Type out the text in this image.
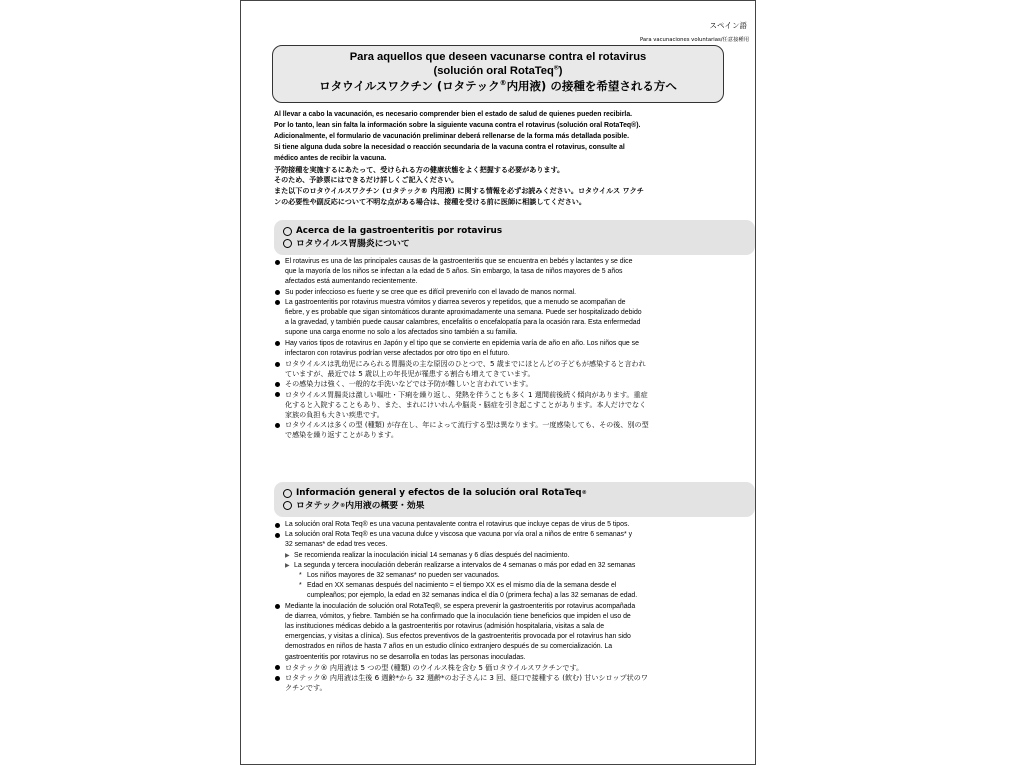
スペイン語
Para vacunaciones voluntarias/任意接種用
Para aquellos que deseen vacunarse contra el rotavirus
(solución oral RotaTeq®)
ロタウイルスワクチン (ロタテック®内用液) の接種を希望される方へ
Al llevar a cabo la vacunación, es necesario comprender bien el estado de salud de quienes pueden recibirla.
Por lo tanto, lean sin falta la información sobre la siguiente vacuna contra el rotavirus (solución oral RotaTeq®).
Adicionalmente, el formulario de vacunación preliminar deberá rellenarse de la forma más detallada posible.
Si tiene alguna duda sobre la necesidad o reacción secundaria de la vacuna contra el rotavirus, consulte al
médico antes de recibir la vacuna.
予防接種を実施するにあたって、受けられる方の健康状態をよく把握する必要があります。
そのため、予診票にはできるだけ詳しくご記入ください。
また以下のロタウイルスワクチン (ロタテック® 内用液) に関する情報を必ずお読みください。ロタウイルス ワクチ
ンの必要性や副反応について不明な点がある場合は、接種を受ける前に医師に相談してください。
Acerca de la gastroenteritis por rotavirus
ロタウイルス胃腸炎について
El rotavirus es una de las principales causas de la gastroenteritis que se encuentra en bebés y lactantes y se dice
que la mayoría de los niños se infectan a la edad de 5 años. Sin embargo, la tasa de niños mayores de 5 años
afectados está aumentando recientemente.
Su poder infeccioso es fuerte y se cree que es difícil prevenirlo con el lavado de manos normal.
La gastroenteritis por rotavirus muestra vómitos y diarrea severos y repetidos, que a menudo se acompañan de
fiebre, y es probable que sigan sintomáticos durante aproximadamente una semana. Puede ser hospitalizado debido
a la gravedad, y también puede causar calambres, encefalitis o encefalopatía para la ocasión rara. Esta enfermedad
supone una carga enorme no solo a los afectados sino también a su familia.
Hay varios tipos de rotavirus en Japón y el tipo que se convierte en epidemia varía de año en año. Los niños que se
infectaron con rotavirus podrían verse afectados por otro tipo en el futuro.
ロタウイルスは乳幼児にみられる胃腸炎の主な原因のひとつで、5 歳までにほとんどの子どもが感染すると言われ
ていますが、最近では 5 歳以上の年長児が罹患する割合も増えてきています。
その感染力は強く、一般的な手洗いなどでは予防が難しいと言われています。
ロタウイルス胃腸炎は激しい嘔吐・下痢を繰り返し、発熱を伴うことも多く 1 週間前後続く傾向があります。重症
化すると入院することもあり、また、まれにけいれんや脳炎・脳症を引き起こすことがあります。本人だけでなく
家族の負担も大きい疾患です。
ロタウイルスは多くの型 (種類) が存在し、年によって流行する型は異なります。一度感染しても、その後、別の型
で感染を繰り返すことがあります。
Información general y efectos de la solución oral RotaTeq ®
ロタテック ® 内用液の概要・効果
La solución oral Rota Teq® es una vacuna pentavalente contra el rotavirus que incluye cepas de virus de 5 tipos.
La solución oral Rota Teq® es una vacuna dulce y viscosa que vacuna por vía oral a niños de entre 6 semanas* y
32 semanas* de edad tres veces.
▶ Se recomienda realizar la inoculación inicial 14 semanas y 6 días después del nacimiento.
▶ La segunda y tercera inoculación deberán realizarse a intervalos de 4 semanas o más por edad en 32 semanas
* Los niños mayores de 32 semanas* no pueden ser vacunados.
* Edad en XX semanas después del nacimiento = el tiempo XX es el mismo día de la semana desde el
cumpleaños; por ejemplo, la edad en 32 semanas indica el día 0 (primera fecha) a las 32 semanas de edad.
Mediante la inoculación de solución oral RotaTeq®, se espera prevenir la gastroenteritis por rotavirus acompañada
de diarrea, vómitos, y fiebre. También se ha confirmado que la inoculación tiene beneficios que impiden el uso de
las instituciones médicas debido a la gastroenteritis por rotavirus (admisión hospitalaria, visitas a sala de
emergencias, y visitas a clínica). Sus efectos preventivos de la gastroenteritis provocada por el rotavirus han sido
demostrados en niños de hasta 7 años en un estudio clínico extranjero después de su comercialización. La
gastroenteritis por rotavirus no se desarrolla en todas las personas inoculadas.
ロタテック® 内用液は 5 つの型 (種類) のウイルス株を含む 5 価ロタウイルスワクチンです。
ロタテック® 内用液は生後 6 週齢*から 32 週齢*のお子さんに 3 回、経口で接種する (飲む) 甘いシロップ状のワ
クチンです。
